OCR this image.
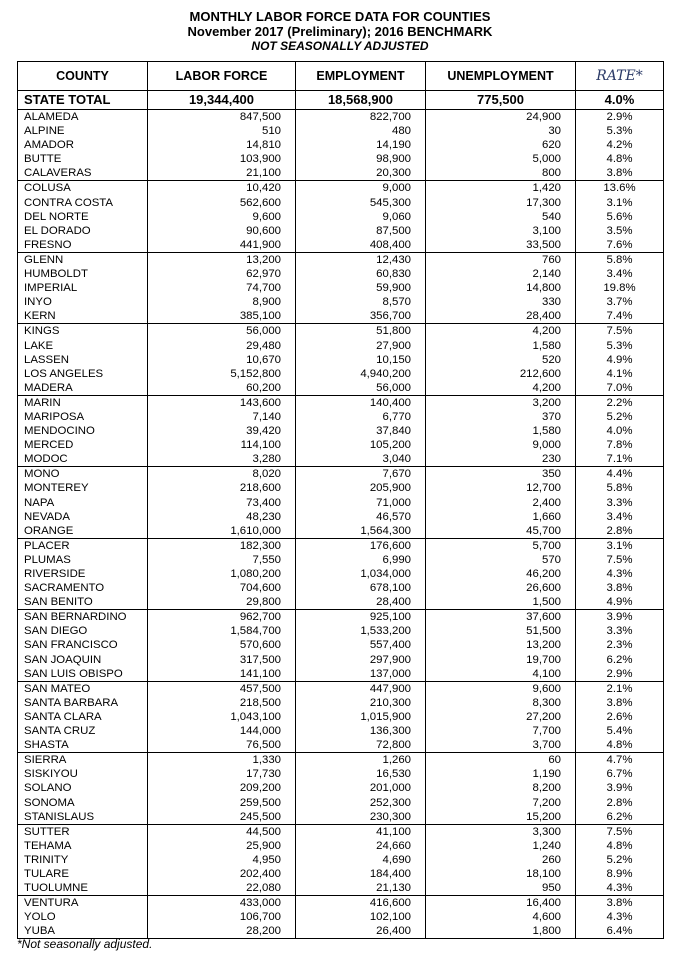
MONTHLY LABOR FORCE DATA FOR COUNTIES
November 2017 (Preliminary); 2016 BENCHMARK
NOT SEASONALLY ADJUSTED
COUNTY	LABOR FORCE	EMPLOYMENT	UNEMPLOYMENT	RATE*
STATE TOTAL	19,344,400	18,568,900	775,500	4.0%
ALAMEDA	847,500	822,700	24,900	2.9%
ALPINE	510	480	30	5.3%
AMADOR	14,810	14,190	620	4.2%
BUTTE	103,900	98,900	5,000	4.8%
CALAVERAS	21,100	20,300	800	3.8%
COLUSA	10,420	9,000	1,420	13.6%
CONTRA COSTA	562,600	545,300	17,300	3.1%
DEL NORTE	9,600	9,060	540	5.6%
EL DORADO	90,600	87,500	3,100	3.5%
FRESNO	441,900	408,400	33,500	7.6%
GLENN	13,200	12,430	760	5.8%
HUMBOLDT	62,970	60,830	2,140	3.4%
IMPERIAL	74,700	59,900	14,800	19.8%
INYO	8,900	8,570	330	3.7%
KERN	385,100	356,700	28,400	7.4%
KINGS	56,000	51,800	4,200	7.5%
LAKE	29,480	27,900	1,580	5.3%
LASSEN	10,670	10,150	520	4.9%
LOS ANGELES	5,152,800	4,940,200	212,600	4.1%
MADERA	60,200	56,000	4,200	7.0%
MARIN	143,600	140,400	3,200	2.2%
MARIPOSA	7,140	6,770	370	5.2%
MENDOCINO	39,420	37,840	1,580	4.0%
MERCED	114,100	105,200	9,000	7.8%
MODOC	3,280	3,040	230	7.1%
MONO	8,020	7,670	350	4.4%
MONTEREY	218,600	205,900	12,700	5.8%
NAPA	73,400	71,000	2,400	3.3%
NEVADA	48,230	46,570	1,660	3.4%
ORANGE	1,610,000	1,564,300	45,700	2.8%
PLACER	182,300	176,600	5,700	3.1%
PLUMAS	7,550	6,990	570	7.5%
RIVERSIDE	1,080,200	1,034,000	46,200	4.3%
SACRAMENTO	704,600	678,100	26,600	3.8%
SAN BENITO	29,800	28,400	1,500	4.9%
SAN BERNARDINO	962,700	925,100	37,600	3.9%
SAN DIEGO	1,584,700	1,533,200	51,500	3.3%
SAN FRANCISCO	570,600	557,400	13,200	2.3%
SAN JOAQUIN	317,500	297,900	19,700	6.2%
SAN LUIS OBISPO	141,100	137,000	4,100	2.9%
SAN MATEO	457,500	447,900	9,600	2.1%
SANTA BARBARA	218,500	210,300	8,300	3.8%
SANTA CLARA	1,043,100	1,015,900	27,200	2.6%
SANTA CRUZ	144,000	136,300	7,700	5.4%
SHASTA	76,500	72,800	3,700	4.8%
SIERRA	1,330	1,260	60	4.7%
SISKIYOU	17,730	16,530	1,190	6.7%
SOLANO	209,200	201,000	8,200	3.9%
SONOMA	259,500	252,300	7,200	2.8%
STANISLAUS	245,500	230,300	15,200	6.2%
SUTTER	44,500	41,100	3,300	7.5%
TEHAMA	25,900	24,660	1,240	4.8%
TRINITY	4,950	4,690	260	5.2%
TULARE	202,400	184,400	18,100	8.9%
TUOLUMNE	22,080	21,130	950	4.3%
VENTURA	433,000	416,600	16,400	3.8%
YOLO	106,700	102,100	4,600	4.3%
YUBA	28,200	26,400	1,800	6.4%
*Not seasonally adjusted.
